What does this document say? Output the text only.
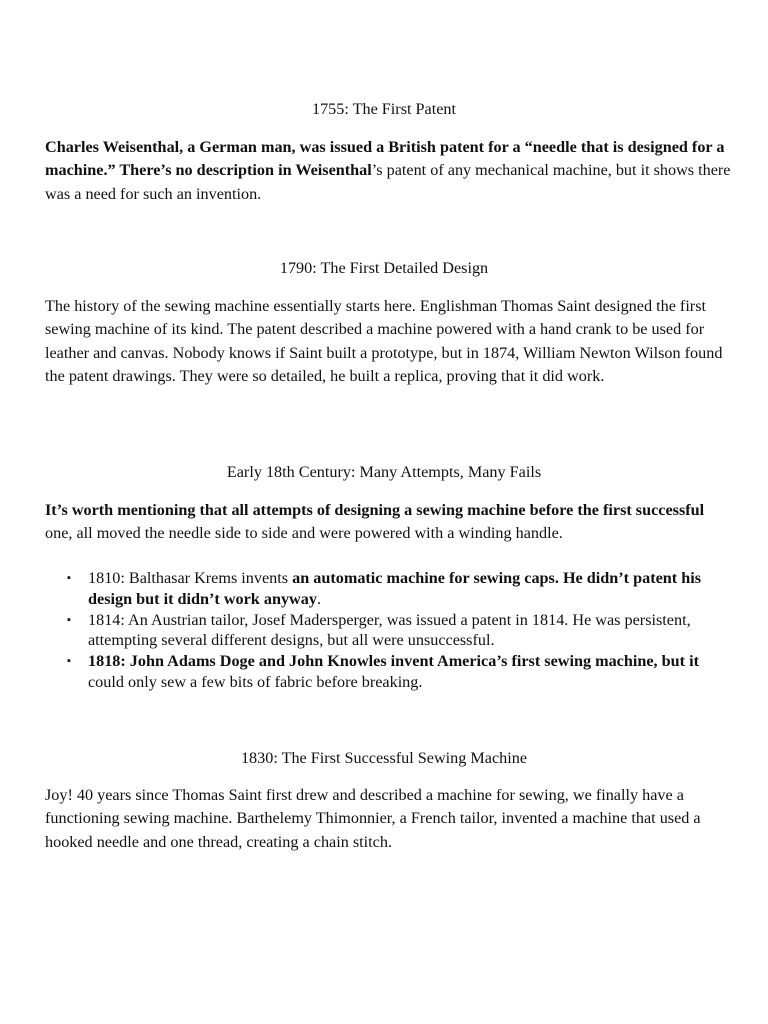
1755: The First Patent

Charles Weisenthal, a German man, was issued a British patent for a “needle that is designed for a machine.” There’s no description in Weisenthal’s patent of any mechanical machine, but it shows there was a need for such an invention.

1790: The First Detailed Design

The history of the sewing machine essentially starts here. Englishman Thomas Saint designed the first sewing machine of its kind. The patent described a machine powered with a hand crank to be used for leather and canvas. Nobody knows if Saint built a prototype, but in 1874, William Newton Wilson found the patent drawings. They were so detailed, he built a replica, proving that it did work.

Early 18th Century: Many Attempts, Many Fails

It’s worth mentioning that all attempts of designing a sewing machine before the first successful one, all moved the needle side to side and were powered with a winding handle.

▪ 1810: Balthasar Krems invents an automatic machine for sewing caps. He didn’t patent his design but it didn’t work anyway.
▪ 1814: An Austrian tailor, Josef Madersperger, was issued a patent in 1814. He was persistent, attempting several different designs, but all were unsuccessful.
▪ 1818: John Adams Doge and John Knowles invent America’s first sewing machine, but it could only sew a few bits of fabric before breaking.
1830: The First Successful Sewing Machine

Joy! 40 years since Thomas Saint first drew and described a machine for sewing, we finally have a functioning sewing machine. Barthelemy Thimonnier, a French tailor, invented a machine that used a hooked needle and one thread, creating a chain stitch.
